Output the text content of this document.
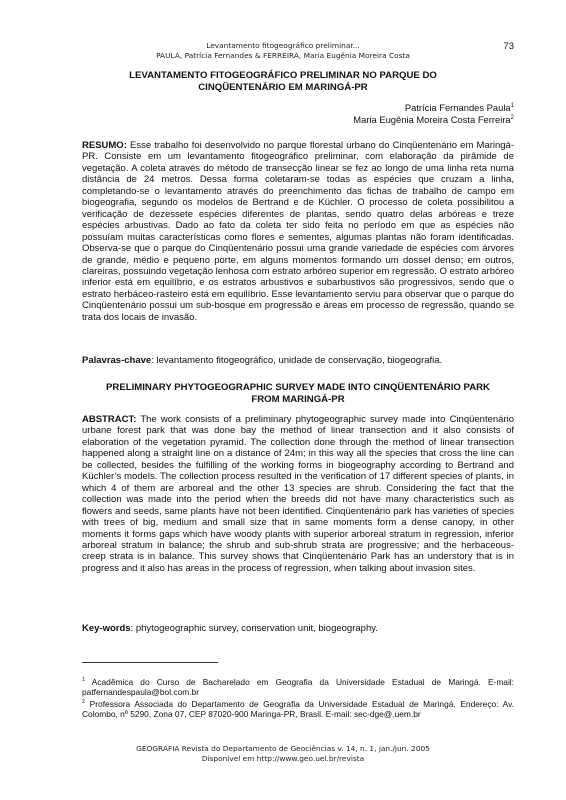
Levantamento fitogeográfico preliminar...
PAULA, Patrícia Fernandes & FERREIRA, Maria Eugênia Moreira Costa
73
LEVANTAMENTO FITOGEOGRÁFICO PRELIMINAR NO PARQUE DO
CINQÜENTENÁRIO EM MARINGÁ-PR
Patrícia Fernandes Paula$^1$
Maria Eugênia Moreira Costa Ferreira$^2$
RESUMO: Esse trabalho foi desenvolvido no parque florestal urbano do Cinqüentenário em Maringá-PR. Consiste em um levantamento fitogeográfico preliminar, com elaboração da pirâmide de vegetação. A coleta através do método de transecção linear se fez ao longo de uma linha reta numa distância de 24 metros. Dessa forma coletaram-se todas as espécies que cruzam a linha, completando-se o levantamento através do preenchimento das fichas de trabalho de campo em biogeografia, segundo os modelos de Bertrand e de Küchler. O processo de coleta possibilitou a verificação de dezessete espécies diferentes de plantas, sendo quatro delas arbóreas e treze espécies arbustivas. Dado ao fato da coleta ter sido feita no período em que as espécies não possuíam muitas características como flores e sementes, algumas plantas não foram identificadas. Observa-se que o parque do Cinqüentenário possui uma grande variedade de espécies com árvores de grande, médio e pequeno porte, em alguns momentos formando um dossel denso; em outros, clareiras, possuindo vegetação lenhosa com estrato arbóreo superior em regressão. O estrato arbóreo inferior está em equilíbrio, e os estratos arbustivos e subarbustivos são progressivos, sendo que o estrato herbáceo-rasteiro está em equilíbrio. Esse levantamento serviu para observar que o parque do Cinqüentenário possui um sub-bosque em progressão e áreas em processo de regressão, quando se trata dos locais de invasão.
Palavras-chave: levantamento fitogeográfico, unidade de conservação, biogeografia.
PRELIMINARY PHYTOGEOGRAPHIC SURVEY MADE INTO CINQÜENTENÁRIO PARK
FROM MARINGÁ-PR
ABSTRACT: The work consists of a preliminary phytogeographic survey made into Cinqüentenário urbane forest park that was done bay the method of linear transection and it also consists of elaboration of the vegetation pyramid. The collection done through the method of linear transection happened along a straight line on a distance of 24m; in this way all the species that cross the line can be collected, besides the fulfilling of the working forms in biogeography according to Bertrand and Küchler’s models. The collection process resulted in the verification of 17 different species of plants, in which 4 of them are arboreal and the other 13 species are shrub. Considering the fact that the collection was made into the period when the breeds did not have many characteristics such as flowers and seeds, same plants have not been identified. Cinqüentenário park has varieties of species with trees of big, medium and small size that in same moments form a dense canopy, in other moments it forms gaps which have woody plants with superior arboreal stratum in regression, inferior arboreal stratum in balance; the shrub and sub-shrub strata are progressive; and the herbaceous-creep strata is in balance. This survey shows that Cinqüentenário Park has an understory that is in progress and it also has areas in the process of regression, when talking about invasion sites.
Key-words: phytogeographic survey, conservation unit, biogeography.
$^1$ Acadêmica do Curso de Bacharelado em Geografia da Universidade Estadual de Maringá. E-mail: patfernandespaula@bol.com.br
$^2$ Professora Associada do Departamento de Geografia da Universidade Estadual de Maringá. Endereço: Av. Colombo, nº 5290, Zona 07, CEP 87020-900 Maringa-PR, Brasil. E-mail: sec-dge@.uem.br
GEOGRAFIA Revista do Departamento de Geociências v. 14, n. 1, jan./jun. 2005
Disponível em http://www.geo.uel.br/revista
